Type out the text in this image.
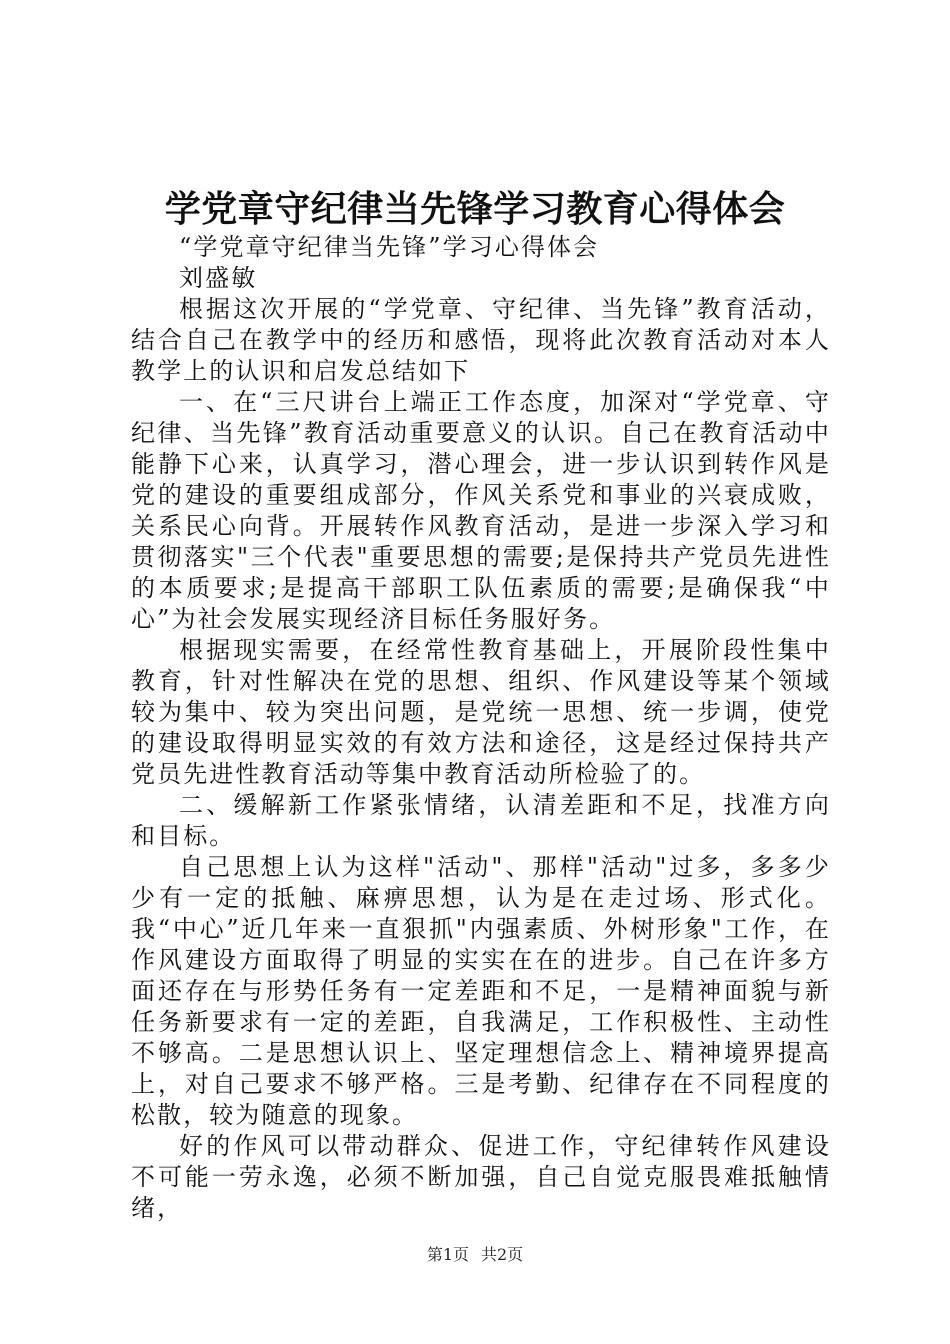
学党章守纪律当先锋学习教育心得体会

“学党章守纪律当先锋”学习心得体会

刘盛敏

根据这次开展的“学党章、守纪律、当先锋”教育活动，结合自己在教学中的经历和感悟，现将此次教育活动对本人教学上的认识和启发总结如下

一、在“三尺讲台上端正工作态度，加深对“学党章、守纪律、当先锋”教育活动重要意义的认识。自己在教育活动中能静下心来，认真学习，潜心理会，进一步认识到转作风是党的建设的重要组成部分，作风关系党和事业的兴衰成败，关系民心向背。开展转作风教育活动，是进一步深入学习和贯彻落实"三个代表"重要思想的需要;是保持共产党员先进性的本质要求;是提高干部职工队伍素质的需要;是确保我“中心”为社会发展实现经济目标任务服好务。

根据现实需要，在经常性教育基础上，开展阶段性集中教育，针对性解决在党的思想、组织、作风建设等某个领域较为集中、较为突出问题，是党统一思想、统一步调，使党的建设取得明显实效的有效方法和途径，这是经过保持共产党员先进性教育活动等集中教育活动所检验了的。

二、缓解新工作紧张情绪，认清差距和不足，找准方向和目标。

自己思想上认为这样"活动"、那样"活动"过多，多多少少有一定的抵触、麻痹思想，认为是在走过场、形式化。我“中心”近几年来一直狠抓"内强素质、外树形象"工作，在作风建设方面取得了明显的实实在在的进步。自己在许多方面还存在与形势任务有一定差距和不足，一是精神面貌与新任务新要求有一定的差距，自我满足，工作积极性、主动性不够高。二是思想认识上、坚定理想信念上、精神境界提高上，对自己要求不够严格。三是考勤、纪律存在不同程度的松散，较为随意的现象。

好的作风可以带动群众、促进工作，守纪律转作风建设不可能一劳永逸，必须不断加强，自己自觉克服畏难抵触情绪，

第1页 共2页
